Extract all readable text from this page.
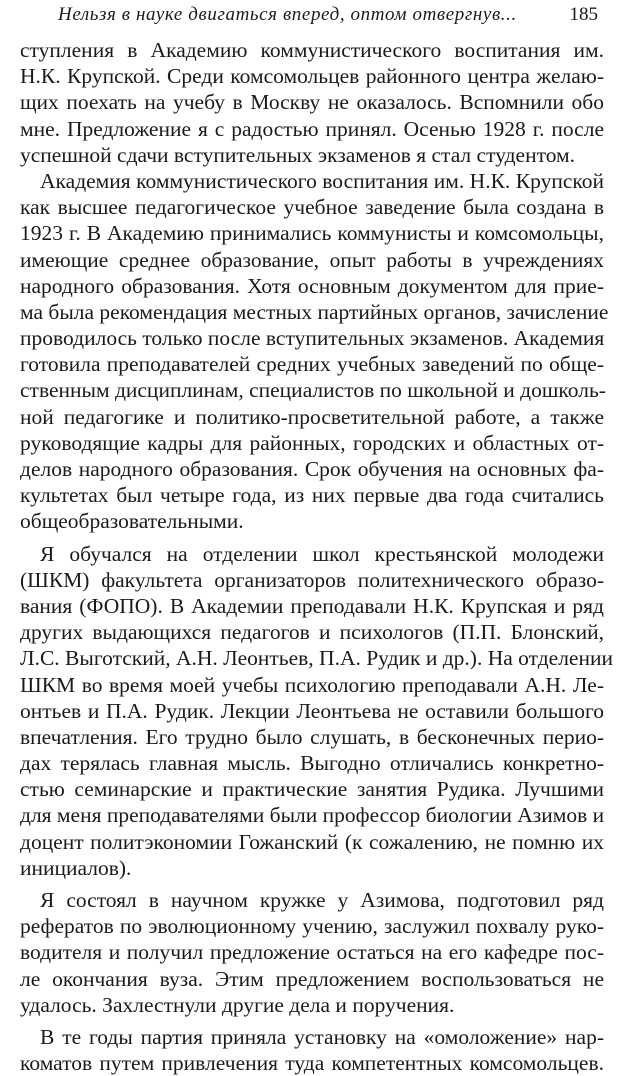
Нельзя в науке двигаться вперед, оптом отвергнув...	185
ступления в Академию коммунистического воспитания им.
Н.К. Крупской. Среди комсомольцев районного центра желаю-
щих поехать на учебу в Москву не оказалось. Вспомнили обо
мне. Предложение я с радостью принял. Осенью 1928 г. после
успешной сдачи вступительных экзаменов я стал студентом.
Академия коммунистического воспитания им. Н.К. Крупской
как высшее педагогическое учебное заведение была создана в
1923 г. В Академию принимались коммунисты и комсомольцы,
имеющие среднее образование, опыт работы в учреждениях
народного образования. Хотя основным документом для прие-
ма была рекомендация местных партийных органов, зачисление
проводилось только после вступительных экзаменов. Академия
готовила преподавателей средних учебных заведений по обще-
ственным дисциплинам, специалистов по школьной и дошколь-
ной педагогике и политико-просветительной работе, а также
руководящие кадры для районных, городских и областных от-
делов народного образования. Срок обучения на основных фа-
культетах был четыре года, из них первые два года считались
общеобразовательными.
Я обучался на отделении школ крестьянской молодежи
(ШКМ) факультета организаторов политехнического образо-
вания (ФОПО). В Академии преподавали Н.К. Крупская и ряд
других выдающихся педагогов и психологов (П.П. Блонский,
Л.С. Выготский, А.Н. Леонтьев, П.А. Рудик и др.). На отделении
ШКМ во время моей учебы психологию преподавали А.Н. Ле-
онтьев и П.А. Рудик. Лекции Леонтьева не оставили большого
впечатления. Его трудно было слушать, в бесконечных перио-
дах терялась главная мысль. Выгодно отличались конкретно-
стью семинарские и практические занятия Рудика. Лучшими
для меня преподавателями были профессор биологии Азимов и
доцент политэкономии Гожанский (к сожалению, не помню их
инициалов).
Я состоял в научном кружке у Азимова, подготовил ряд
рефератов по эволюционному учению, заслужил похвалу руко-
водителя и получил предложение остаться на его кафедре пос-
ле окончания вуза. Этим предложением воспользоваться не
удалось. Захлестнули другие дела и поручения.
В те годы партия приняла установку на «омоложение» нар-
коматов путем привлечения туда компетентных комсомольцев.
